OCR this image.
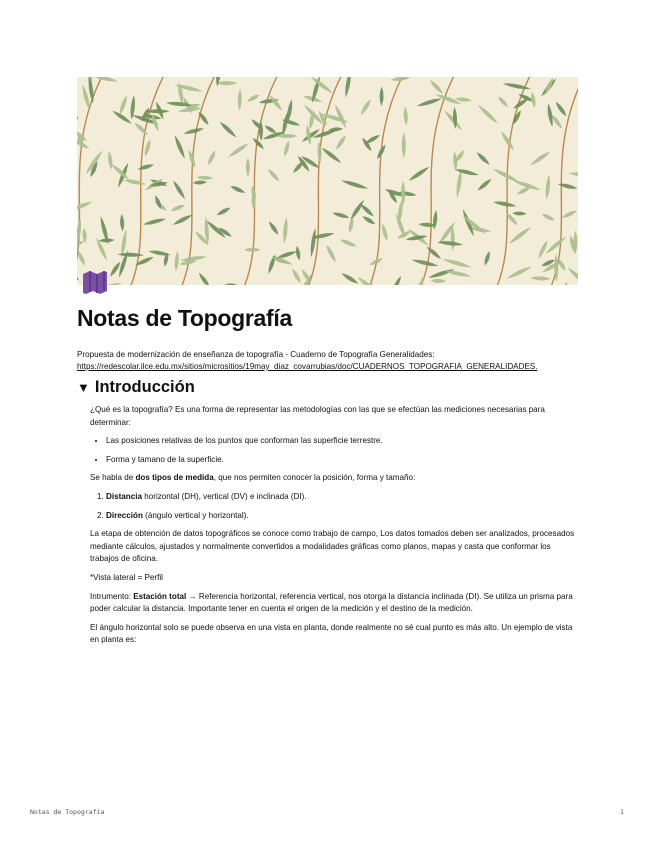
Notas de Topografía

Propuesta de modernización de enseñanza de topografía - Cuaderno de Topografía Generalidades:
https://redescolar.ilce.edu.mx/sitios/micrositios/19may_diaz_covarrubias/doc/CUADERNOS_TOPOGRAFIA_GENERALIDADES.

▼ Introducción

¿Qué es la topografía? Es una forma de representar las metodologías con las que se efectúan las mediciones necesarias para determinar:

• Las posiciones relativas de los puntos que conforman las superficie terrestre.
• Forma y tamano de la superficie.

Se habla de dos tipos de medida, que nos permiten conocer la posición, forma y tamaño:

1. Distancia horizontal (DH), vertical (DV) e inclinada (DI).
2. Dirección (ángulo vertical y horizontal).

La etapa de obtención de datos topográficos se conoce como trabajo de campo, Los datos tomados deben ser analizados, procesados mediante cálculos, ajustados y normalmente convertidos a modalidades gráficas como planos, mapas y casta que conformar los trabajos de oficina.

*Vista lateral = Perfil

Intrumento: Estación total → Referencia horizontal, referencia vertical, nos otorga la distancia inclinada (DI). Se utiliza un prisma para poder calcular la distancia. Importante tener en cuenta el origen de la medición y el destino de la medición.

El ángulo horizontal solo se puede observa en una vista en planta, donde realmente no sé cual punto es más alto. Un ejemplo de vista en planta es:

Notas de Topografía	1
